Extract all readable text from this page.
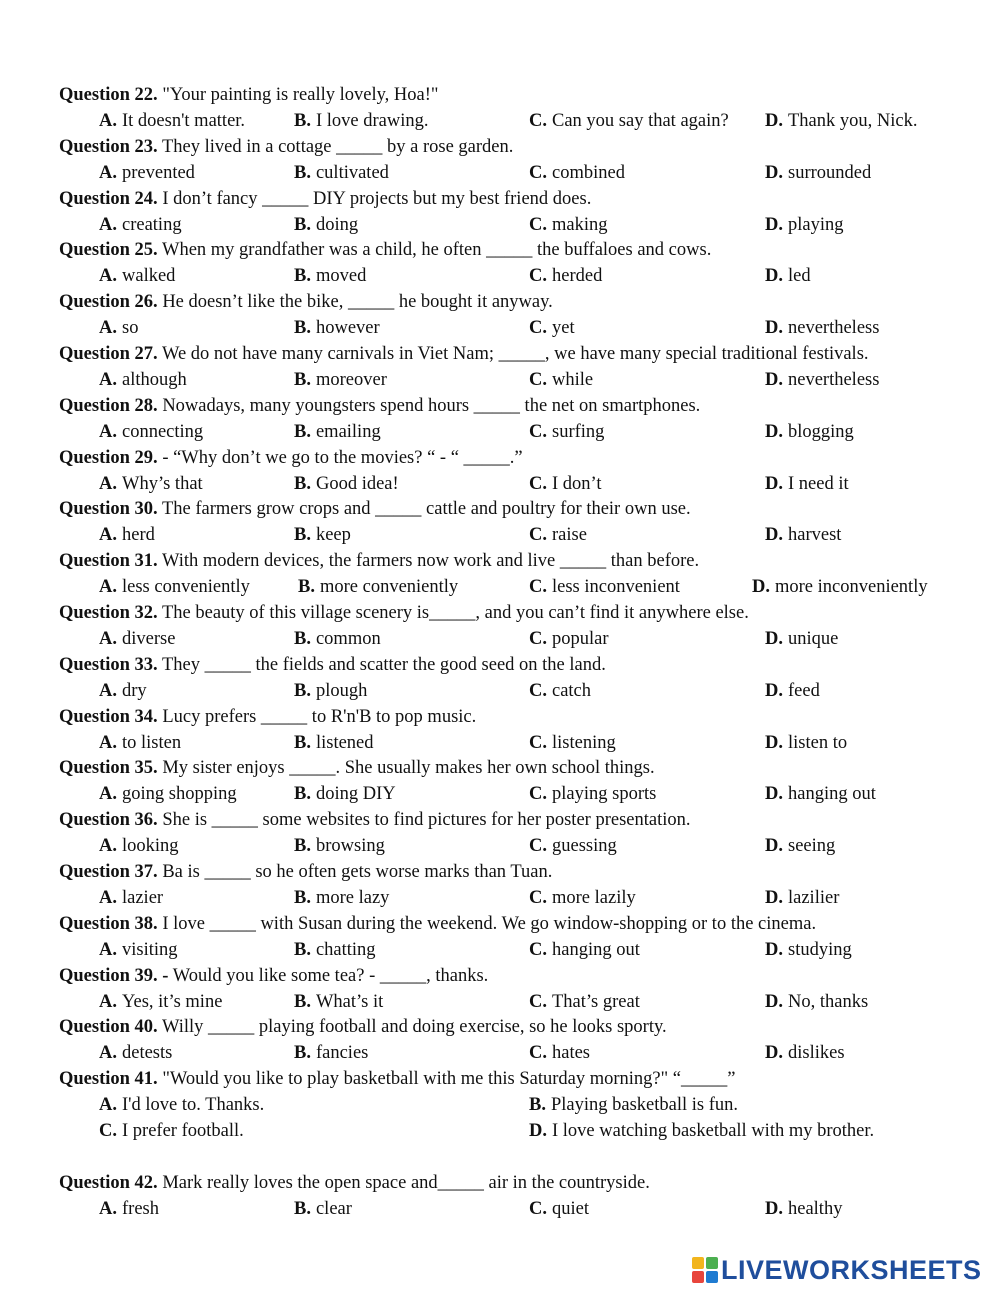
Question 22. "Your painting is really lovely, Hoa!"
A. It doesn't matter.	B. I love drawing.	C. Can you say that again? D. Thank you, Nick.
Question 23. They lived in a cottage _____ by a rose garden.
A. prevented	B. cultivated	C. combined	D. surrounded
Question 24. I don’t fancy _____ DIY projects but my best friend does.
A. creating	B. doing	C. making	D. playing
Question 25. When my grandfather was a child, he often _____ the buffaloes and cows.
A. walked	B. moved	C. herded	D. led
Question 26. He doesn’t like the bike, _____ he bought it anyway.
A. so	B. however	C. yet	D. nevertheless
Question 27. We do not have many carnivals in Viet Nam; _____, we have many special traditional festivals.
A. although	B. moreover	C. while	D. nevertheless
Question 28. Nowadays, many youngsters spend hours _____ the net on smartphones.
A. connecting	B. emailing	C. surfing	D. blogging
Question 29. - “Why don’t we go to the movies? “ - “ _____.”
A. Why’s that	B. Good idea!	C. I don’t	D. I need it
Question 30. The farmers grow crops and _____ cattle and poultry for their own use.
A. herd	B. keep	C. raise	D. harvest
Question 31. With modern devices, the farmers now work and live _____ than before.
A. less conveniently	B. more conveniently	C. less inconvenient	D. more inconveniently
Question 32. The beauty of this village scenery is_____, and you can’t find it anywhere else.
A. diverse	B. common	C. popular	D. unique
Question 33. They _____ the fields and scatter the good seed on the land.
A. dry	B. plough	C. catch	D. feed
Question 34. Lucy prefers _____ to R'n'B to pop music.
A. to listen	B. listened	C. listening	D. listen to
Question 35. My sister enjoys _____. She usually makes her own school things.
A. going shopping	B. doing DIY	C. playing sports	D. hanging out
Question 36. She is _____ some websites to find pictures for her poster presentation.
A. looking	B. browsing	C. guessing	D. seeing
Question 37. Ba is _____ so he often gets worse marks than Tuan.
A. lazier	B. more lazy	C. more lazily	D. lazilier
Question 38. I love _____ with Susan during the weekend. We go window-shopping or to the cinema.
A. visiting	B. chatting	C. hanging out	D. studying
Question 39. - Would you like some tea? - _____, thanks.
A. Yes, it’s mine	B. What’s it	C. That’s great	D. No, thanks
Question 40. Willy _____ playing football and doing exercise, so he looks sporty.
A. detests	B. fancies	C. hates	D. dislikes
Question 41. "Would you like to play basketball with me this Saturday morning?" “_____”
A. I'd love to. Thanks.	B. Playing basketball is fun.
C. I prefer football.	D. I love watching basketball with my brother.
Question 42. Mark really loves the open space and_____ air in the countryside.
A. fresh	B. clear	C. quiet	D. healthy
LIVEWORKSHEETS
